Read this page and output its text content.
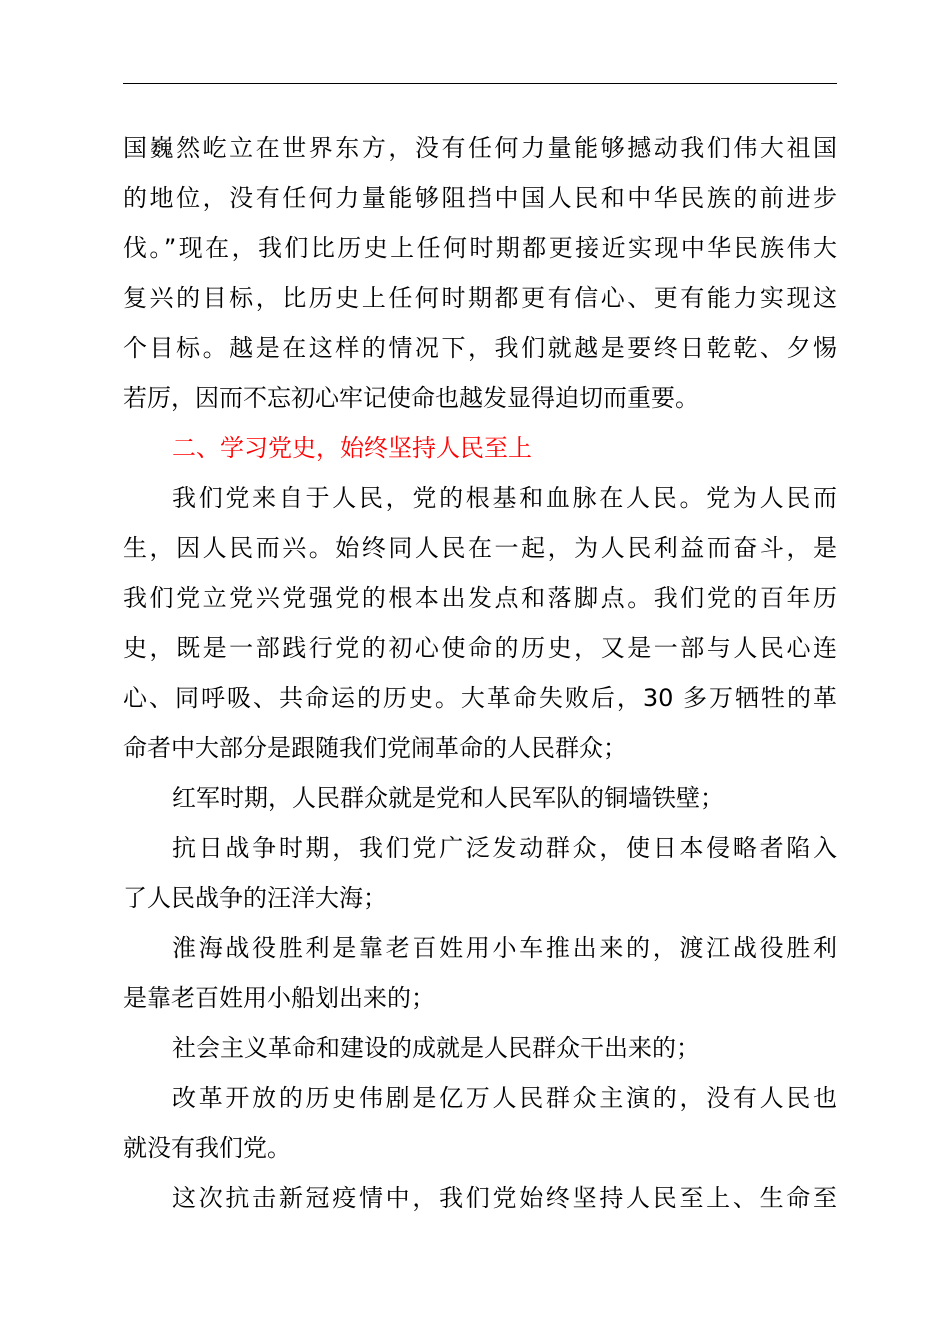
国巍然屹立在世界东方，没有任何力量能够撼动我们伟大祖国
的地位，没有任何力量能够阻挡中国人民和中华民族的前进步
伐。”现在，我们比历史上任何时期都更接近实现中华民族伟大
复兴的目标，比历史上任何时期都更有信心、更有能力实现这
个目标。越是在这样的情况下，我们就越是要终日乾乾、夕惕
若厉，因而不忘初心牢记使命也越发显得迫切而重要。
二、学习党史，始终坚持人民至上
我们党来自于人民，党的根基和血脉在人民。党为人民而
生，因人民而兴。始终同人民在一起，为人民利益而奋斗，是
我们党立党兴党强党的根本出发点和落脚点。我们党的百年历
史，既是一部践行党的初心使命的历史，又是一部与人民心连
心、同呼吸、共命运的历史。大革命失败后，30 多万牺牲的革
命者中大部分是跟随我们党闹革命的人民群众；
红军时期，人民群众就是党和人民军队的铜墙铁壁；
抗日战争时期，我们党广泛发动群众，使日本侵略者陷入
了人民战争的汪洋大海；
淮海战役胜利是靠老百姓用小车推出来的，渡江战役胜利
是靠老百姓用小船划出来的；
社会主义革命和建设的成就是人民群众干出来的；
改革开放的历史伟剧是亿万人民群众主演的，没有人民也
就没有我们党。
这次抗击新冠疫情中，我们党始终坚持人民至上、生命至
